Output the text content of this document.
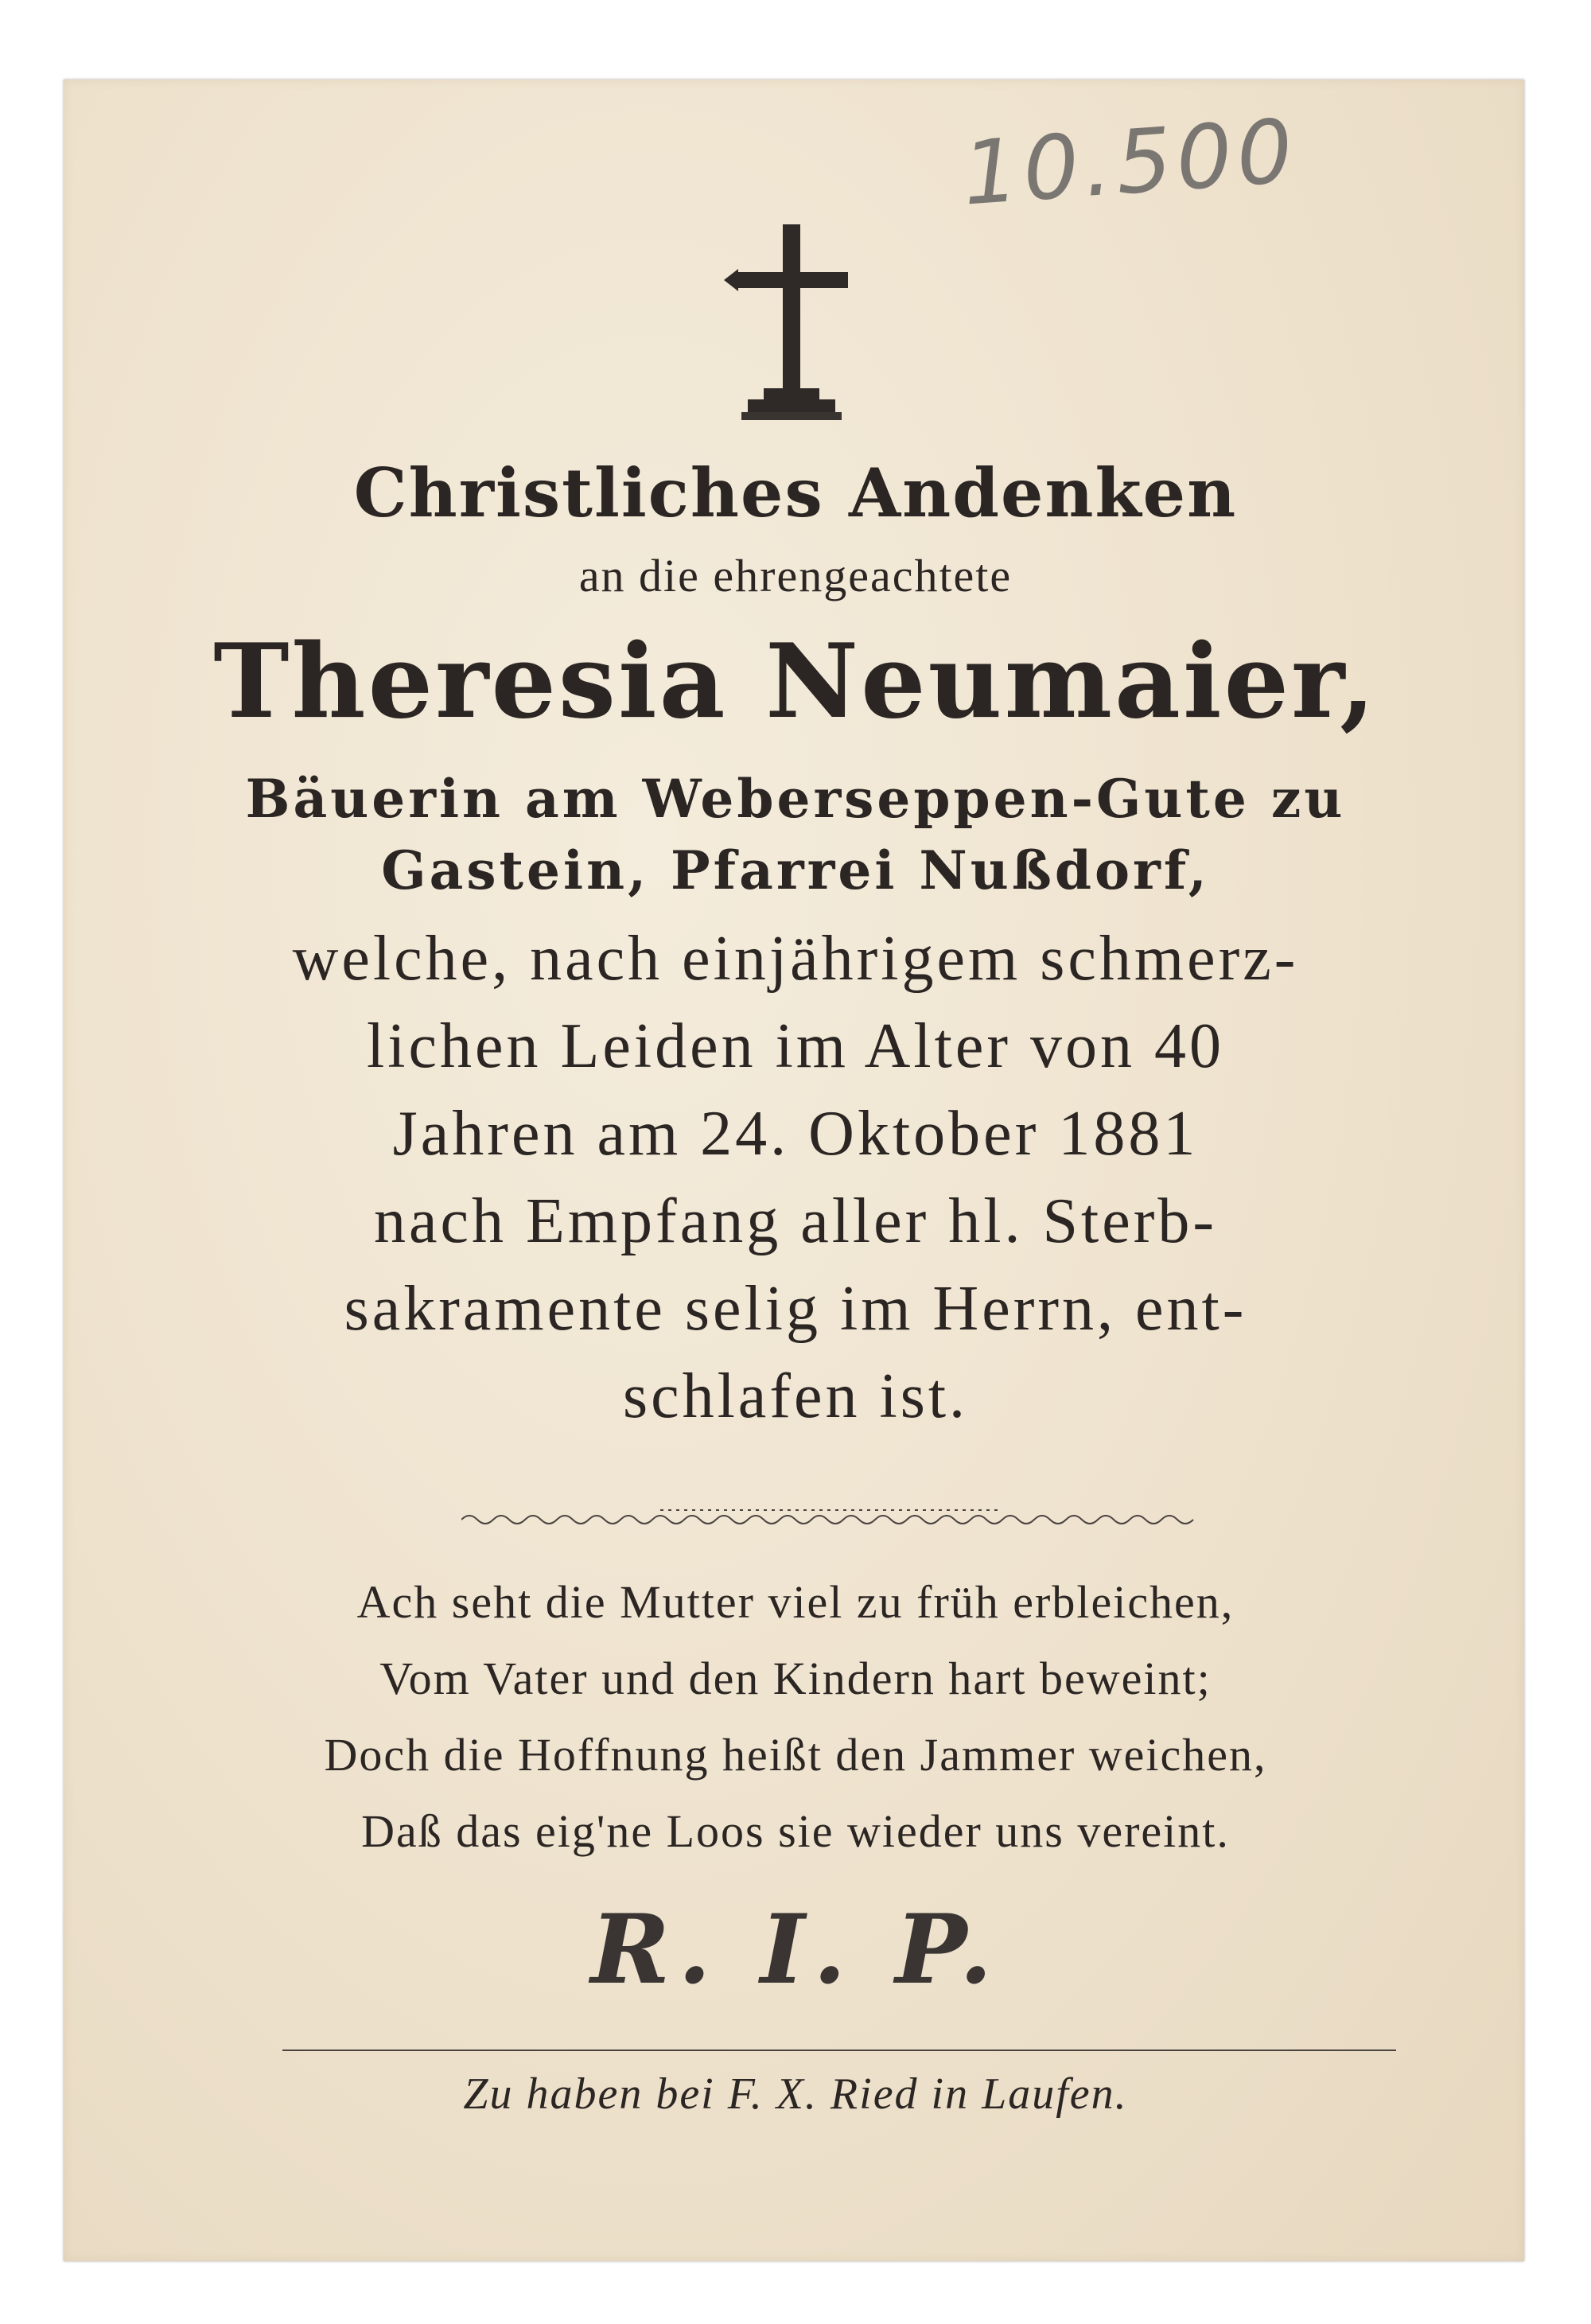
10.500
Christliches Andenken
an die ehrengeachtete
Theresia Neumaier,
Bäuerin am Weberseppen-Gute zu
Gastein, Pfarrei Nußdorf,
welche, nach einjährigem schmerz-
lichen Leiden im Alter von 40
Jahren am 24. Oktober 1881
nach Empfang aller hl. Sterb-
sakramente selig im Herrn, ent-
schlafen ist.
Ach seht die Mutter viel zu früh erbleichen,
Vom Vater und den Kindern hart beweint;
Doch die Hoffnung heißt den Jammer weichen,
Daß das eig'ne Loos sie wieder uns vereint.
R. I. P.
Zu haben bei F. X. Ried in Laufen.
